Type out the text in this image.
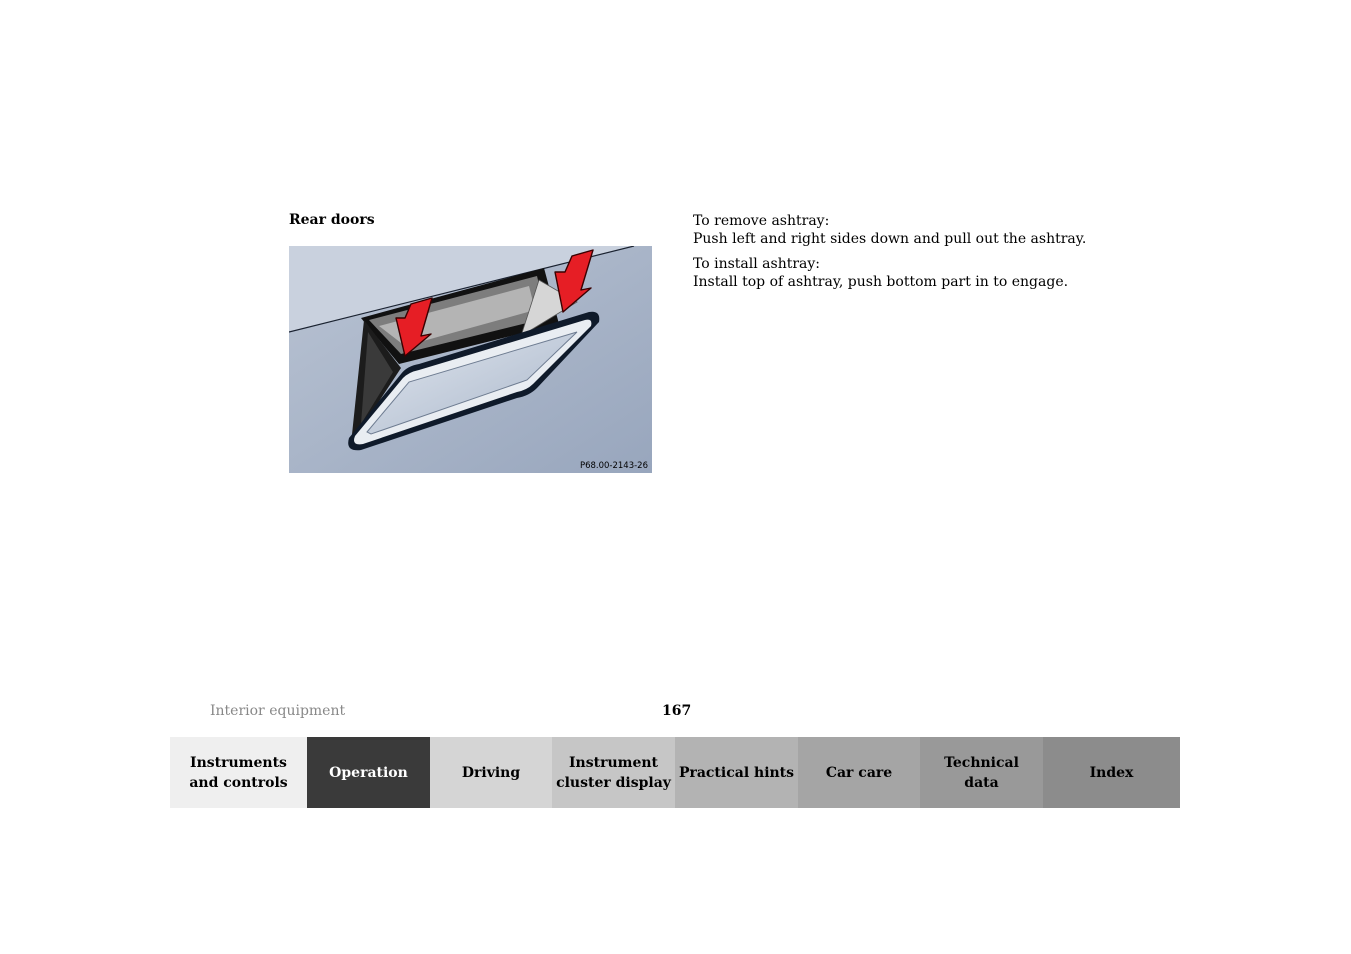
Rear doors
P68.00-2143-26

To remove ashtray:
Push left and right sides down and pull out the ashtray.

To install ashtray:
Install top of ashtray, push bottom part in to engage.

Interior equipment	167
Instruments
and controls
Operation	Driving
Instrument
cluster display
Practical hints	Car care
Technical
data
Index
